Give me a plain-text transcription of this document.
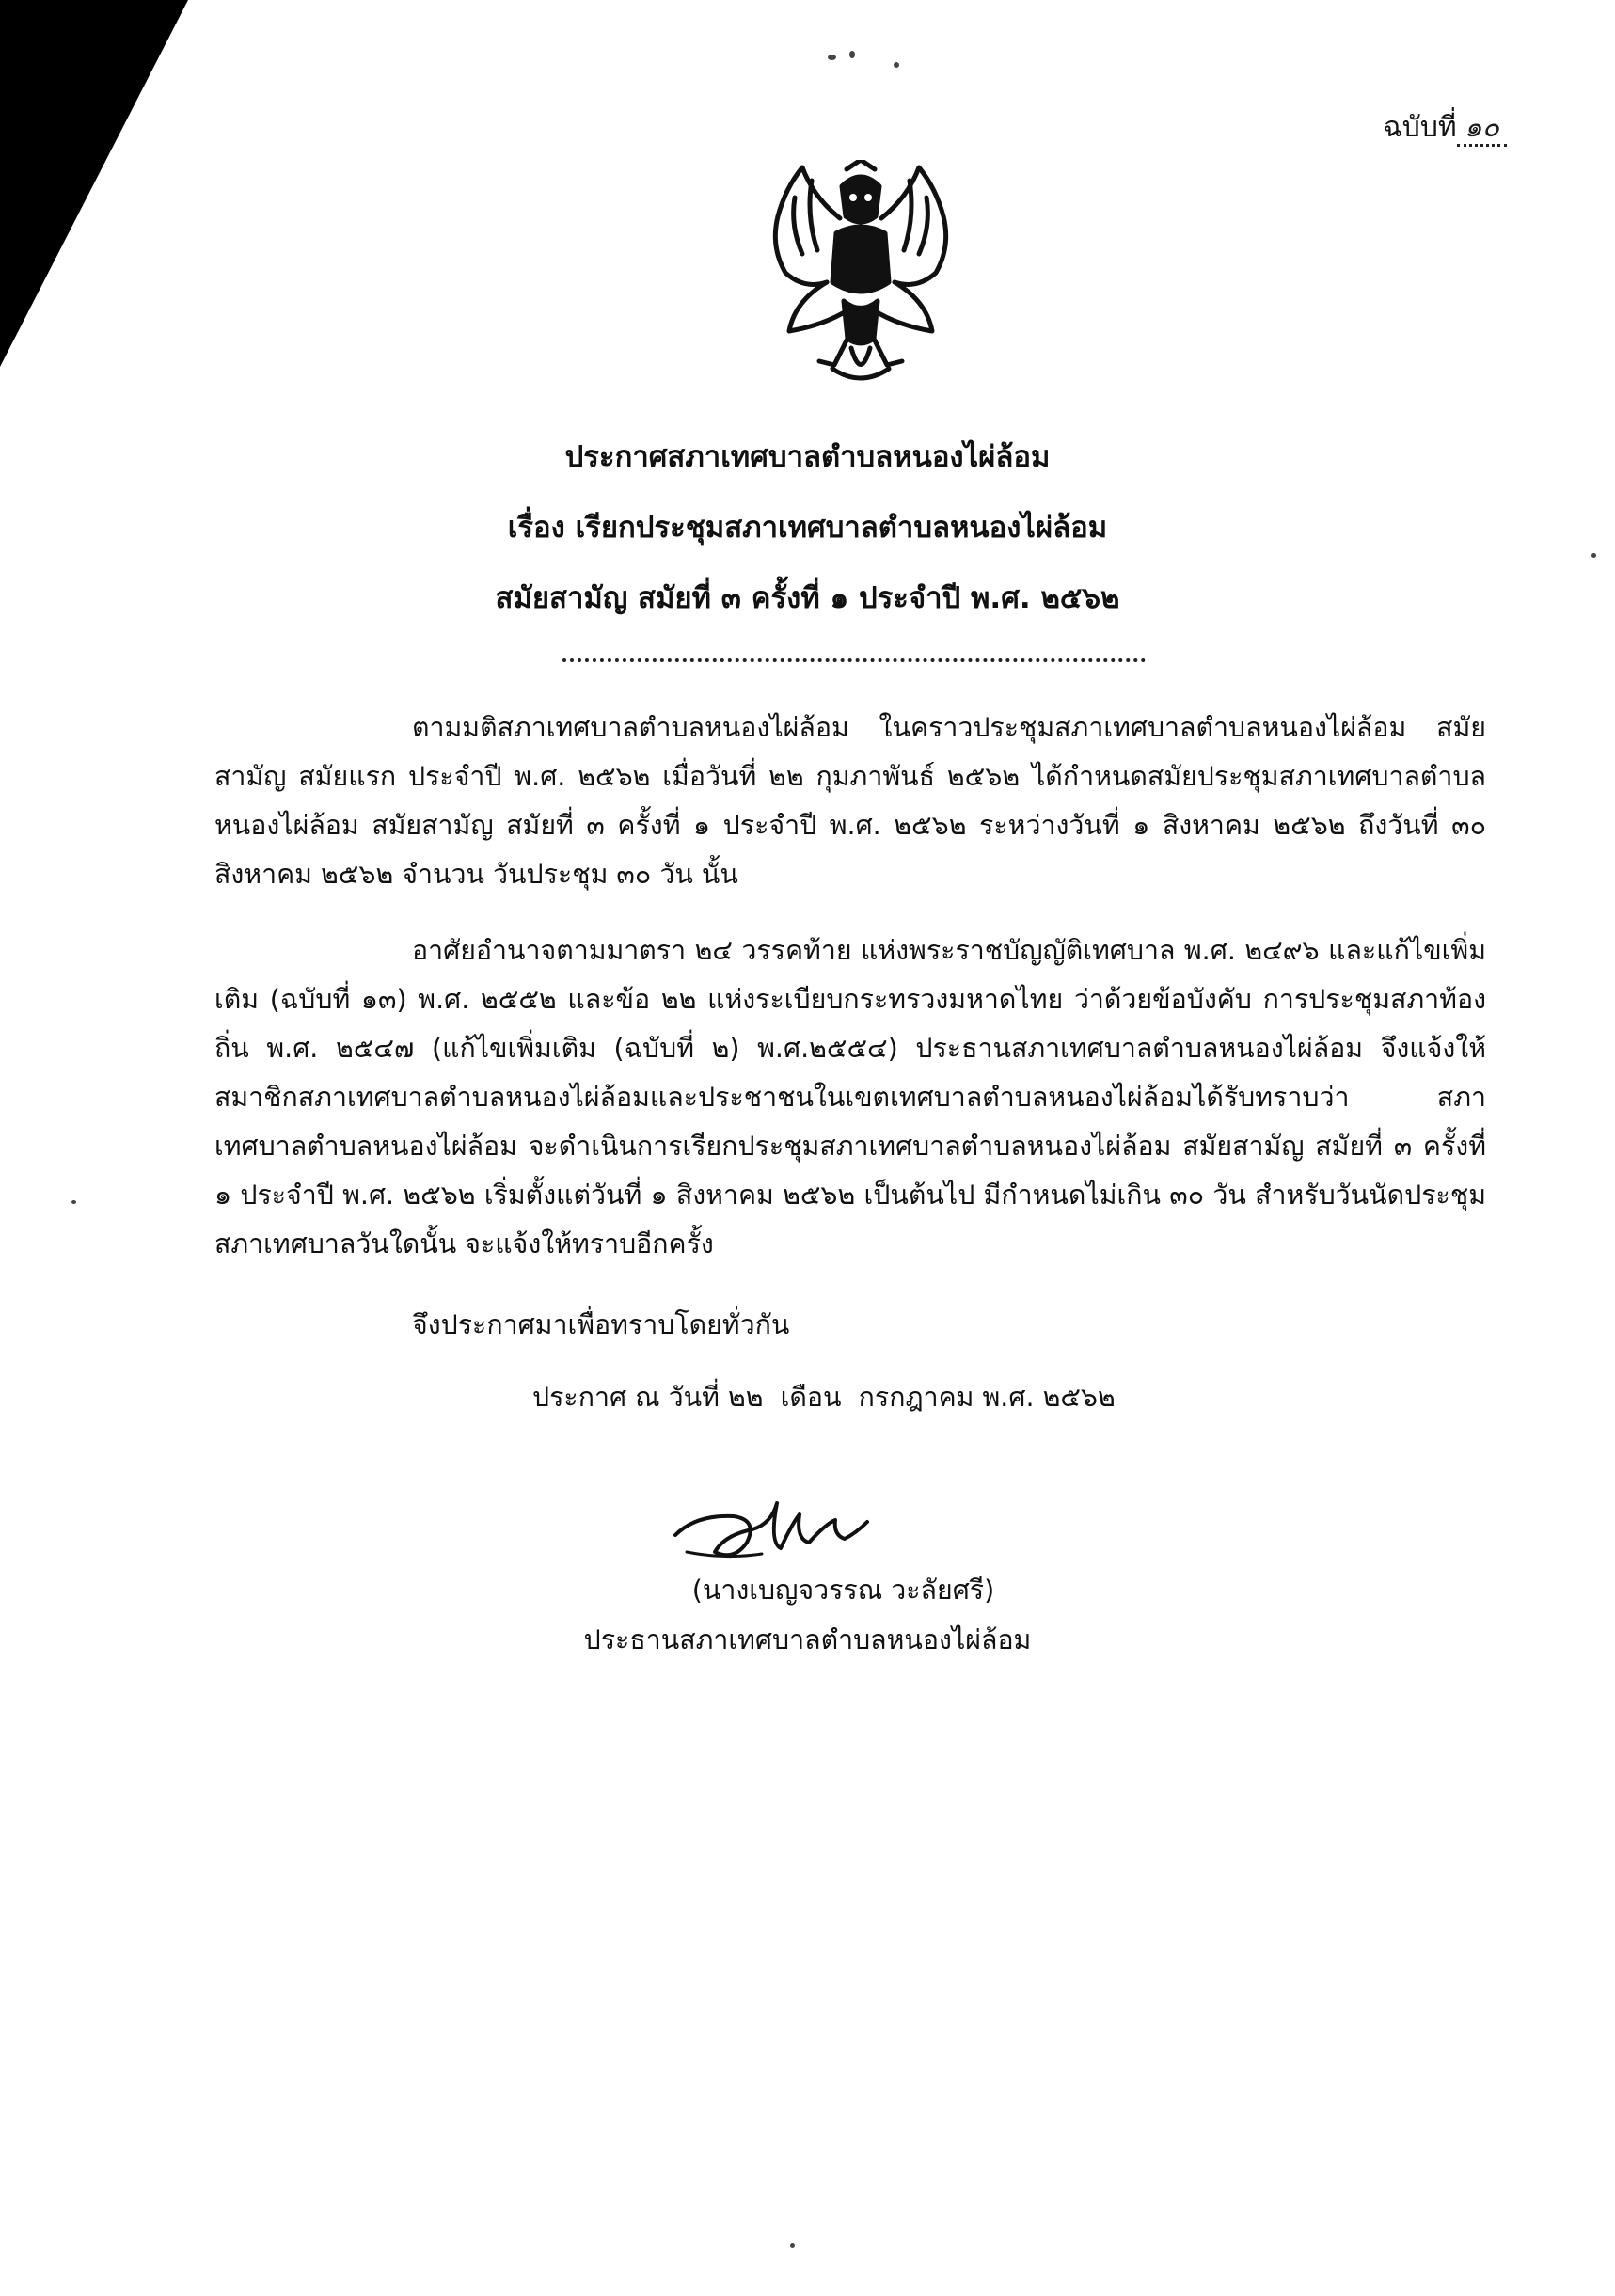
ฉบับที่ ๑๐
ประกาศสภาเทศบาลตำบลหนองไผ่ล้อม
เรื่อง เรียกประชุมสภาเทศบาลตำบลหนองไผ่ล้อม
สมัยสามัญ สมัยที่ ๓ ครั้งที่ ๑ ประจำปี พ.ศ. ๒๕๖๒

ตามมติสภาเทศบาลตำบลหนองไผ่ล้อม ในคราวประชุมสภาเทศบาลตำบลหนองไผ่ล้อม สมัยสามัญ สมัยแรก ประจำปี พ.ศ. ๒๕๖๒ เมื่อวันที่ ๒๒ กุมภาพันธ์ ๒๕๖๒ ได้กำหนดสมัยประชุมสภาเทศบาลตำบลหนองไผ่ล้อม สมัยสามัญ สมัยที่ ๓ ครั้งที่ ๑ ประจำปี พ.ศ. ๒๕๖๒ ระหว่างวันที่ ๑ สิงหาคม ๒๕๖๒ ถึงวันที่ ๓๐ สิงหาคม ๒๕๖๒ จำนวน วันประชุม ๓๐ วัน นั้น

อาศัยอำนาจตามมาตรา ๒๔ วรรคท้าย แห่งพระราชบัญญัติเทศบาล พ.ศ. ๒๔๙๖ และแก้ไขเพิ่มเติม (ฉบับที่ ๑๓) พ.ศ. ๒๕๕๒ และข้อ ๒๒ แห่งระเบียบกระทรวงมหาดไทย ว่าด้วยข้อบังคับ การประชุมสภาท้องถิ่น พ.ศ. ๒๕๔๗ (แก้ไขเพิ่มเติม (ฉบับที่ ๒) พ.ศ.๒๕๕๔) ประธานสภาเทศบาลตำบลหนองไผ่ล้อม จึงแจ้งให้สมาชิกสภาเทศบาลตำบลหนองไผ่ล้อมและประชาชนในเขตเทศบาลตำบลหนองไผ่ล้อมได้รับทราบว่า สภาเทศบาลตำบลหนองไผ่ล้อม จะดำเนินการเรียกประชุมสภาเทศบาลตำบลหนองไผ่ล้อม สมัยสามัญ สมัยที่ ๓ ครั้งที่ ๑ ประจำปี พ.ศ. ๒๕๖๒ เริ่มตั้งแต่วันที่ ๑ สิงหาคม ๒๕๖๒ เป็นต้นไป มีกำหนดไม่เกิน ๓๐ วัน สำหรับวันนัดประชุมสภาเทศบาลวันใดนั้น จะแจ้งให้ทราบอีกครั้ง

จึงประกาศมาเพื่อทราบโดยทั่วกัน
ประกาศ ณ วันที่ ๒๒ เดือน กรกฎาคม พ.ศ. ๒๕๖๒
(นางเบญจวรรณ วะลัยศรี)
ประธานสภาเทศบาลตำบลหนองไผ่ล้อม
